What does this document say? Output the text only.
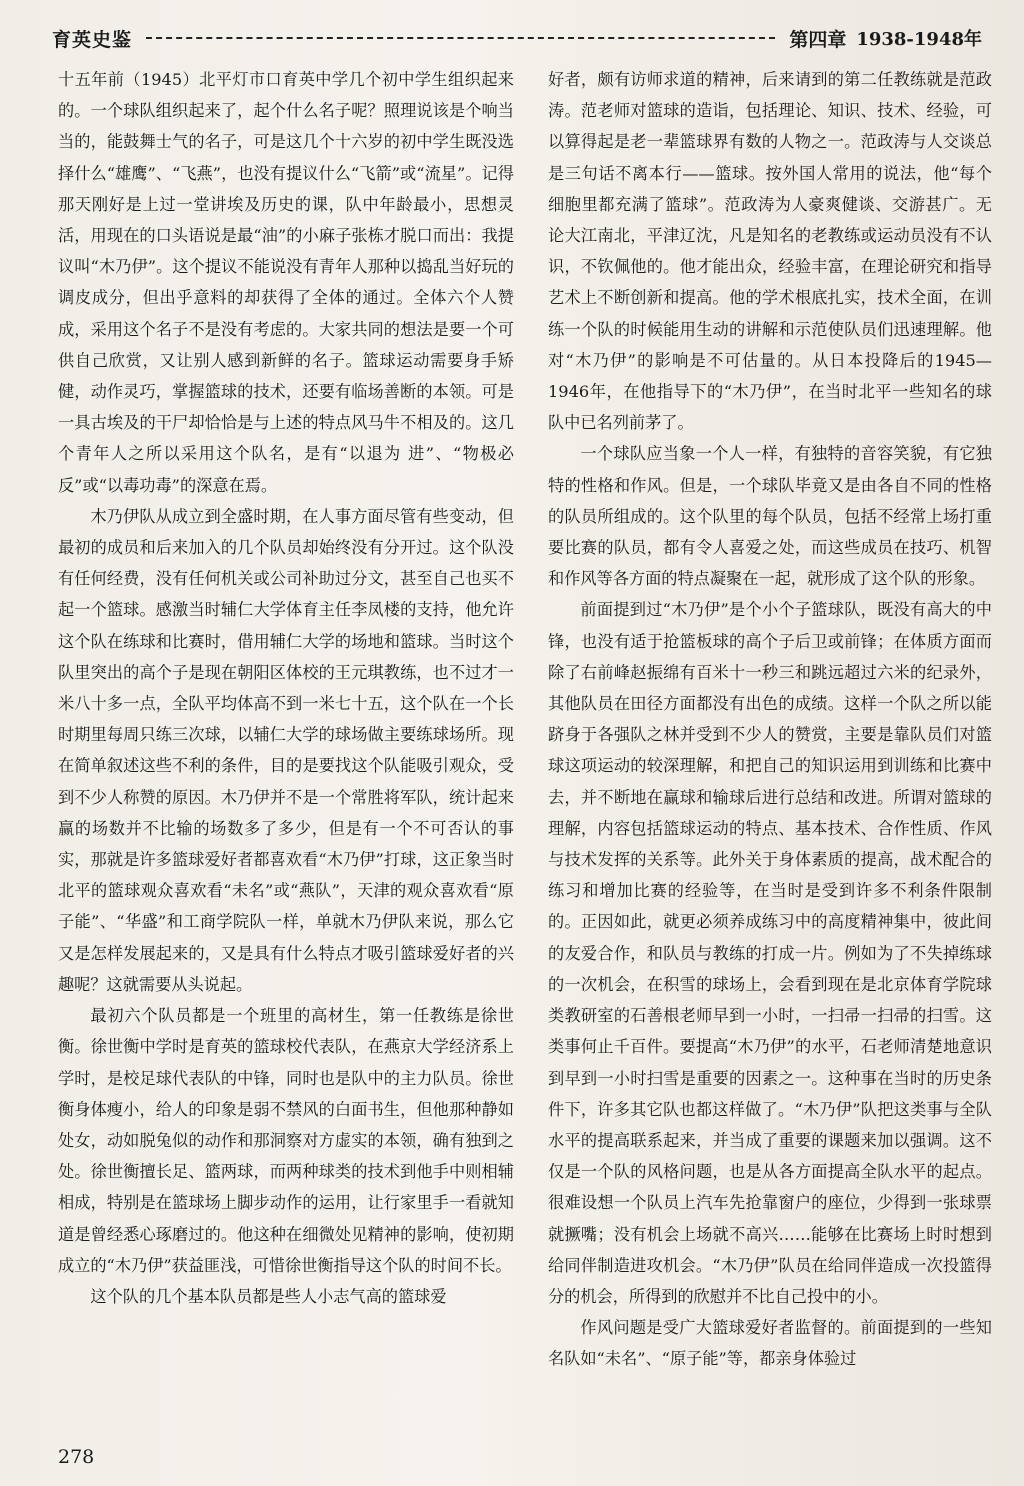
育英史鉴	第四章 1938-1948年

十五年前（1945）北平灯市口育英中学几个初中学生组织起来的。一个球队组织起来了，起个什么名子呢？照理说该是个响当当的，能鼓舞士气的名子，可是这几个十六岁的初中学生既没选择什么“雄鹰”、“飞燕”，也没有提议什么“飞箭”或“流星”。记得那天刚好是上过一堂讲埃及历史的课，队中年龄最小，思想灵活，用现在的口头语说是最“油”的小麻子张栋才脱口而出：我提议叫“木乃伊”。这个提议不能说没有青年人那种以捣乱当好玩的调皮成分，但出乎意料的却获得了全体的通过。全体六个人赞成，采用这个名子不是没有考虑的。大家共同的想法是要一个可供自己欣赏，又让别人感到新鲜的名子。篮球运动需要身手矫健，动作灵巧，掌握篮球的技术，还要有临场善断的本领。可是一具古埃及的干尸却恰恰是与上述的特点风马牛不相及的。这几个青年人之所以采用这个队名，是有“以退为 进”、“物极必反”或“以毒功毒”的深意在焉。

木乃伊队从成立到全盛时期，在人事方面尽管有些变动，但最初的成员和后来加入的几个队员却始终没有分开过。这个队没有任何经费，没有任何机关或公司补助过分文，甚至自己也买不起一个篮球。感激当时辅仁大学体育主任李凤楼的支持，他允许这个队在练球和比赛时，借用辅仁大学的场地和篮球。当时这个队里突出的高个子是现在朝阳区体校的王元琪教练，也不过才一米八十多一点，全队平均体高不到一米七十五，这个队在一个长时期里每周只练三次球，以辅仁大学的球场做主要练球场所。现在简单叙述这些不利的条件，目的是要找这个队能吸引观众，受到不少人称赞的原因。木乃伊并不是一个常胜将军队，统计起来赢的场数并不比输的场数多了多少，但是有一个不可否认的事实，那就是许多篮球爱好者都喜欢看“木乃伊”打球，这正象当时北平的篮球观众喜欢看“未名”或“燕队”，天津的观众喜欢看“原子能”、“华盛”和工商学院队一样，单就木乃伊队来说，那么它又是怎样发展起来的，又是具有什么特点才吸引篮球爱好者的兴趣呢？这就需要从头说起。

最初六个队员都是一个班里的高材生，第一任教练是徐世衡。徐世衡中学时是育英的篮球校代表队，在燕京大学经济系上学时，是校足球代表队的中锋，同时也是队中的主力队员。徐世衡身体瘦小，给人的印象是弱不禁风的白面书生，但他那种静如处女，动如脱兔似的动作和那洞察对方虚实的本领，确有独到之处。徐世衡擅长足、篮两球，而两种球类的技术到他手中则相辅相成，特别是在篮球场上脚步动作的运用，让行家里手一看就知道是曾经悉心琢磨过的。他这种在细微处见精神的影响，使初期成立的“木乃伊”获益匪浅，可惜徐世衡指导这个队的时间不长。

这个队的几个基本队员都是些人小志气高的篮球爱

好者，颇有访师求道的精神，后来请到的第二任教练就是范政涛。范老师对篮球的造诣，包括理论、知识、技术、经验，可以算得起是老一辈篮球界有数的人物之一。范政涛与人交谈总是三句话不离本行——篮球。按外国人常用的说法，他“每个细胞里都充满了篮球”。范政涛为人豪爽健谈、交游甚广。无论大江南北，平津辽沈，凡是知名的老教练或运动员没有不认识，不钦佩他的。他才能出众，经验丰富，在理论研究和指导艺术上不断创新和提高。他的学术根底扎实，技术全面，在训练一个队的时候能用生动的讲解和示范使队员们迅速理解。他对“木乃伊”的影响是不可估量的。从日本投降后的1945—1946年，在他指导下的“木乃伊”，在当时北平一些知名的球队中已名列前茅了。

一个球队应当象一个人一样，有独特的音容笑貌，有它独特的性格和作风。但是，一个球队毕竟又是由各自不同的性格的队员所组成的。这个队里的每个队员，包括不经常上场打重要比赛的队员，都有令人喜爱之处，而这些成员在技巧、机智和作风等各方面的特点凝聚在一起，就形成了这个队的形象。

前面提到过“木乃伊”是个小个子篮球队，既没有高大的中锋，也没有适于抢篮板球的高个子后卫或前锋；在体质方面而除了右前峰赵振绵有百米十一秒三和跳远超过六米的纪录外，其他队员在田径方面都没有出色的成绩。这样一个队之所以能跻身于各强队之林并受到不少人的赞赏，主要是靠队员们对篮球这项运动的较深理解，和把自己的知识运用到训练和比赛中去，并不断地在赢球和输球后进行总结和改进。所谓对篮球的理解，内容包括篮球运动的特点、基本技术、合作性质、作风与技术发挥的关系等。此外关于身体素质的提高，战术配合的练习和增加比赛的经验等，在当时是受到许多不利条件限制的。正因如此，就更必须养成练习中的高度精神集中，彼此间的友爱合作，和队员与教练的打成一片。例如为了不失掉练球的一次机会，在积雪的球场上，会看到现在是北京体育学院球类教研室的石善根老师早到一小时，一扫帚一扫帚的扫雪。这类事何止千百件。要提高“木乃伊”的水平，石老师清楚地意识到早到一小时扫雪是重要的因素之一。这种事在当时的历史条件下，许多其它队也都这样做了。“木乃伊”队把这类事与全队水平的提高联系起来，并当成了重要的课题来加以强调。这不仅是一个队的风格问题，也是从各方面提高全队水平的起点。很难设想一个队员上汽车先抢靠窗户的座位，少得到一张球票就撅嘴；没有机会上场就不高兴……能够在比赛场上时时想到给同伴制造进攻机会。“木乃伊”队员在给同伴造成一次投篮得分的机会，所得到的欣慰并不比自己投中的小。

作风问题是受广大篮球爱好者监督的。前面提到的一些知名队如“未名”、“原子能”等，都亲身体验过

278
